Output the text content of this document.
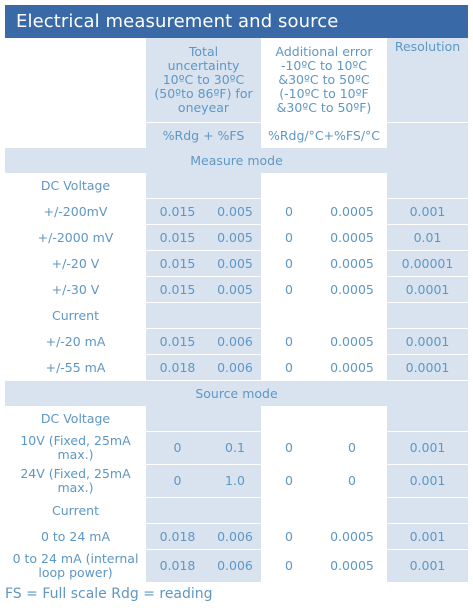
Electrical measurement and source

	Total uncertainty 10ºC to 30ºC (50ºto 86ºF) for oneyear		Additional error -10ºC to 10ºC &30ºC to 50ºC (-10ºC to 10ºF &30ºC to 50ºF)		Resolution
	%Rdg + %FS		%Rdg/°C+%FS/°C		
Measure mode					
DC Voltage					
+/-200mV	0.015	0.005	0	0.0005	0.001
+/-2000 mV	0.015	0.005	0	0.0005	0.01
+/-20 V	0.015	0.005	0	0.0005	0.00001
+/-30 V	0.015	0.005	0	0.0005	0.0001
Current					
+/-20 mA	0.015	0.006	0	0.0005	0.0001
+/-55 mA	0.018	0.006	0	0.0005	0.0001
Source mode					
DC Voltage					
10V (Fixed, 25mA max.)	0	0.1	0	0	0.001
24V (Fixed, 25mA max.)	0	1.0	0	0	0.001
Current					
0 to 24 mA	0.018	0.006	0	0.0005	0.001
0 to 24 mA (internal loop power)	0.018	0.006	0	0.0005	0.001
FS = Full scale Rdg = reading
